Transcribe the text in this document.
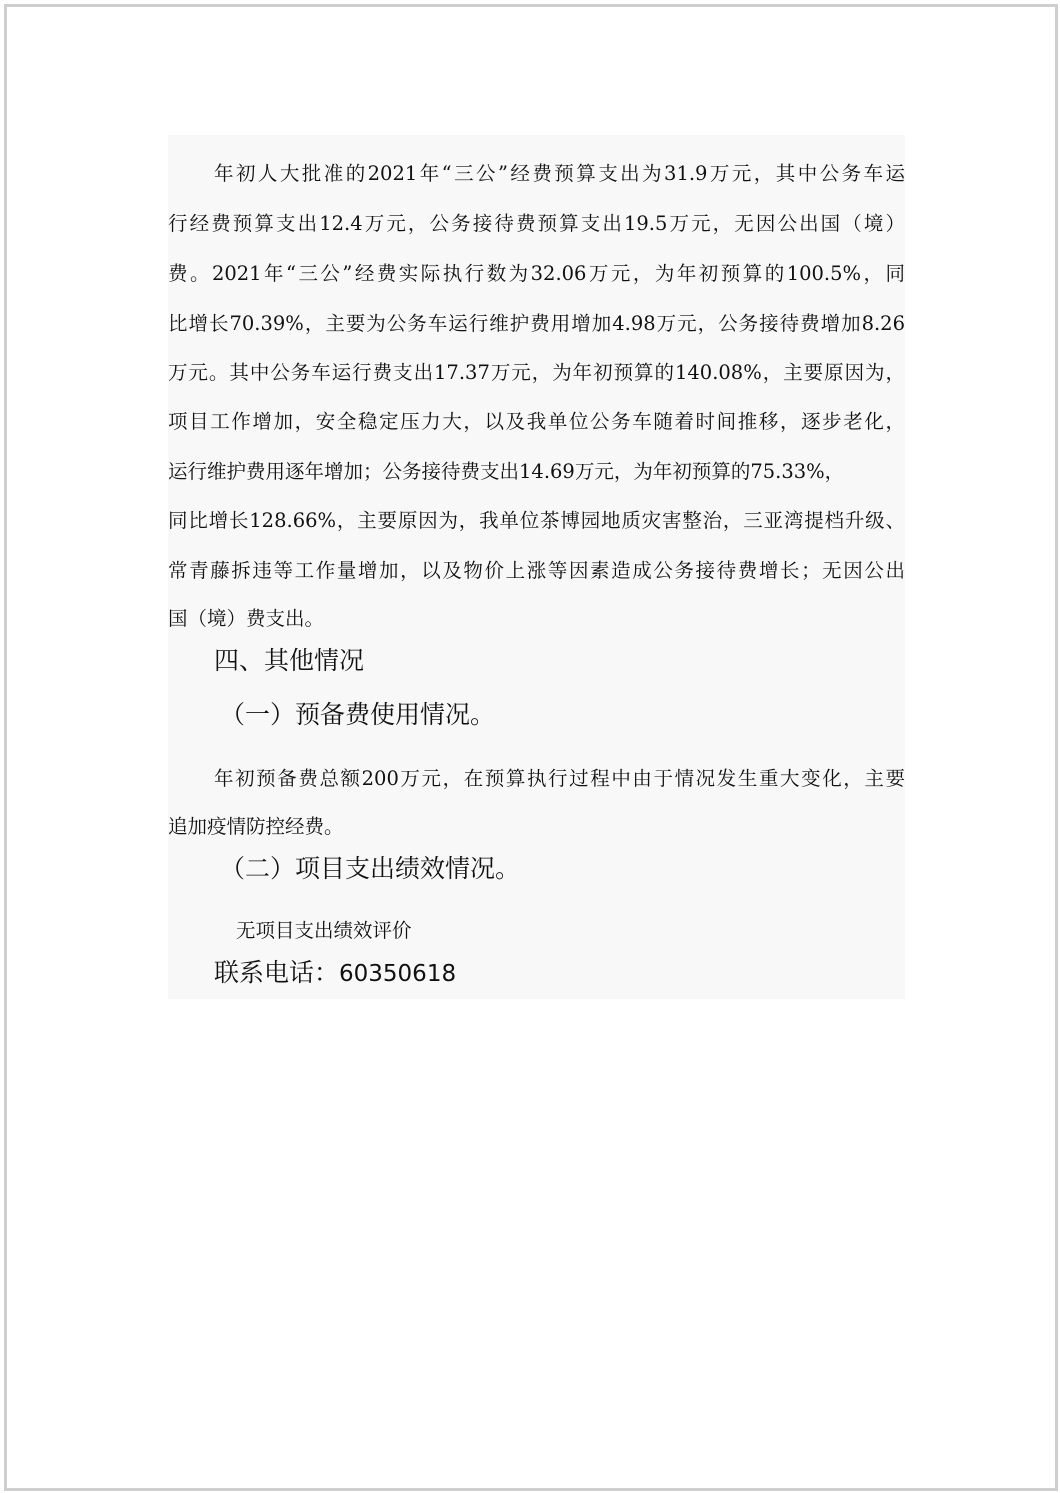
年初人大批准的2021年“三公”经费预算支出为31.9万元，其中公务车运
行经费预算支出12.4万元，公务接待费预算支出19.5万元，无因公出国（境）
费。2021年“三公”经费实际执行数为32.06万元，为年初预算的100.5%，同
比增长70.39%，主要为公务车运行维护费用增加4.98万元，公务接待费增加8.26
万元。其中公务车运行费支出17.37万元，为年初预算的140.08%，主要原因为，
项目工作增加，安全稳定压力大，以及我单位公务车随着时间推移，逐步老化，
运行维护费用逐年增加；公务接待费支出14.69万元，为年初预算的75.33%，
同比增长128.66%，主要原因为，我单位茶博园地质灾害整治，三亚湾提档升级、
常青藤拆违等工作量增加，以及物价上涨等因素造成公务接待费增长；无因公出
国（境）费支出。
四、其他情况
（一）预备费使用情况。
年初预备费总额200万元，在预算执行过程中由于情况发生重大变化，主要
追加疫情防控经费。
（二）项目支出绩效情况。
无项目支出绩效评价
联系电话：60350618
